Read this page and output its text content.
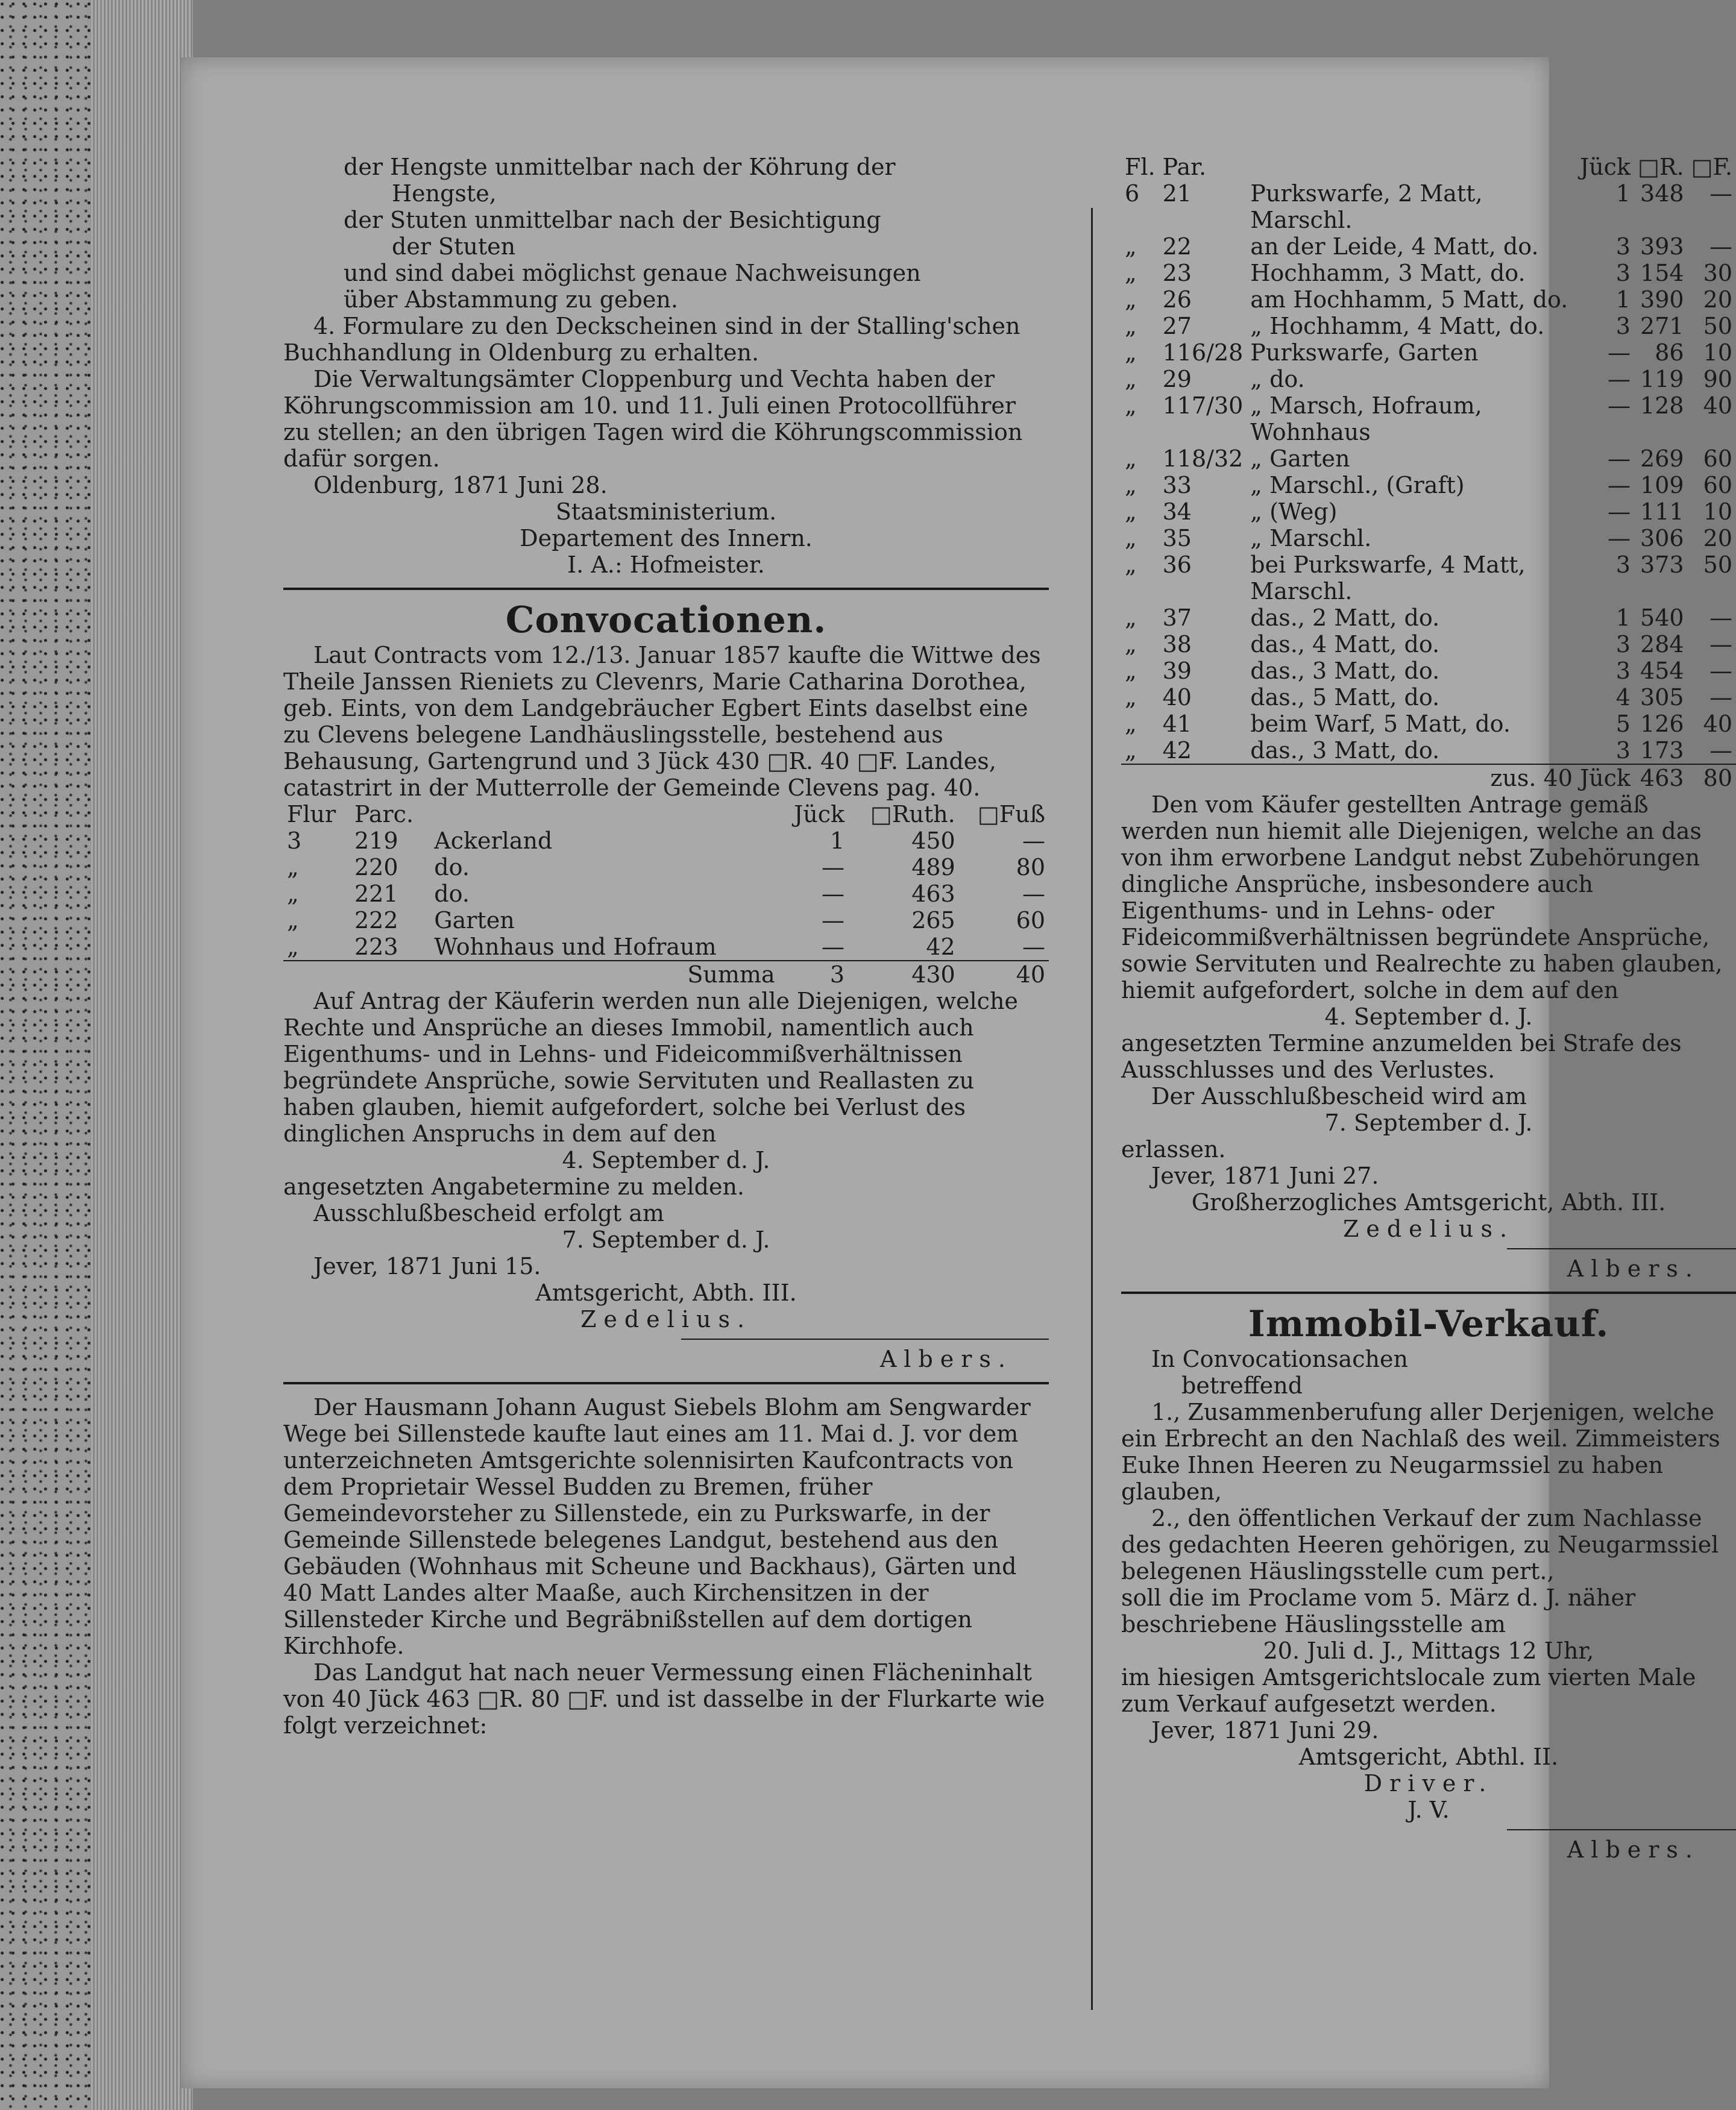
der Hengste unmittelbar nach der Köhrung der

Hengste,

der Stuten unmittelbar nach der Besichtigung

der Stuten

und sind dabei möglichst genaue Nachweisungen

über Abstammung zu geben.

4. Formulare zu den Deckscheinen sind in der Stalling'schen Buchhandlung in Oldenburg zu erhalten.

Die Verwaltungsämter Cloppenburg und Vechta haben der Köhrungscommission am 10. und 11. Juli einen Protocollführer zu stellen; an den übrigen Tagen wird die Köhrungscommission dafür sorgen.

Oldenburg, 1871 Juni 28.

Staatsministerium.

Departement des Innern.

I. A.: Hofmeister.

Convocationen.

Laut Contracts vom 12./13. Januar 1857 kaufte die Wittwe des Theile Janssen Rieniets zu Clevenrs, Marie Catharina Dorothea, geb. Eints, von dem Landgebräucher Egbert Eints daselbst eine zu Clevens belegene Landhäuslingsstelle, bestehend aus Behausung, Gartengrund und 3 Jück 430 □R. 40 □F. Landes, catastrirt in der Mutterrolle der Gemeinde Clevens pag. 40.

Flur	Parc.		Jück	□Ruth.	□Fuß
3	219	Ackerland	1	450	—
„	220	do.	—	489	80
„	221	do.	—	463	—
„	222	Garten	—	265	60
„	223	Wohnhaus und Hofraum	—	42	—
		Summa	3	430	40

Auf Antrag der Käuferin werden nun alle Diejenigen, welche Rechte und Ansprüche an dieses Immobil, namentlich auch Eigenthums- und in Lehns- und Fideicommißverhältnissen begründete Ansprüche, sowie Servituten und Reallasten zu haben glauben, hiemit aufgefordert, solche bei Verlust des dinglichen Anspruchs in dem auf den

4. September d. J.

angesetzten Angabetermine zu melden.

Ausschlußbescheid erfolgt am

7. September d. J.

Jever, 1871 Juni 15.

Amtsgericht, Abth. III.

Zedelius.

Albers.

Der Hausmann Johann August Siebels Blohm am Sengwarder Wege bei Sillenstede kaufte laut eines am 11. Mai d. J. vor dem unterzeichneten Amtsgerichte solennisirten Kaufcontracts von dem Proprietair Wessel Budden zu Bremen, früher Gemeindevorsteher zu Sillenstede, ein zu Purkswarfe, in der Gemeinde Sillenstede belegenes Landgut, bestehend aus den Gebäuden (Wohnhaus mit Scheune und Backhaus), Gärten und 40 Matt Landes alter Maaße, auch Kirchensitzen in der Sillensteder Kirche und Begräbnißstellen auf dem dortigen Kirchhofe.

Das Landgut hat nach neuer Vermessung einen Flächeninhalt von 40 Jück 463 □R. 80 □F. und ist dasselbe in der Flurkarte wie folgt verzeichnet:

Fl.	Par.		Jück	□R.	□F.
6	21	Purkswarfe, 2 Matt, Marschl.	1	348	—
„	22	an der Leide, 4 Matt, do.	3	393	—
„	23	Hochhamm, 3 Matt, do.	3	154	30
„	26	am Hochhamm, 5 Matt, do.	1	390	20
„	27	„ Hochhamm, 4 Matt, do.	3	271	50
„	116/28	Purkswarfe, Garten	—	86	10
„	29	„ do.	—	119	90
„	117/30	„ Marsch, Hofraum, Wohnhaus	—	128	40
„	118/32	„ Garten	—	269	60
„	33	„ Marschl., (Graft)	—	109	60
„	34	„ (Weg)	—	111	10
„	35	„ Marschl.	—	306	20
„	36	bei Purkswarfe, 4 Matt, Marschl.	3	373	50
„	37	das., 2 Matt, do.	1	540	—
„	38	das., 4 Matt, do.	3	284	—
„	39	das., 3 Matt, do.	3	454	—
„	40	das., 5 Matt, do.	4	305	—
„	41	beim Warf, 5 Matt, do.	5	126	40
„	42	das., 3 Matt, do.	3	173	—
		zus. 40 Jück		463	80

Den vom Käufer gestellten Antrage gemäß werden nun hiemit alle Diejenigen, welche an das von ihm erworbene Landgut nebst Zubehörungen dingliche Ansprüche, insbesondere auch Eigenthums- und in Lehns- oder Fideicommißverhältnissen begründete Ansprüche, sowie Servituten und Realrechte zu haben glauben, hiemit aufgefordert, solche in dem auf den

4. September d. J.

angesetzten Termine anzumelden bei Strafe des Ausschlusses und des Verlustes.

Der Ausschlußbescheid wird am

7. September d. J.

erlassen.

Jever, 1871 Juni 27.

Großherzogliches Amtsgericht, Abth. III.

Zedelius.

Albers.

Immobil-Verkauf.

In Convocationsachen

betreffend

1., Zusammenberufung aller Derjenigen, welche ein Erbrecht an den Nachlaß des weil. Zimmeisters Euke Ihnen Heeren zu Neugarmssiel zu haben glauben,

2., den öffentlichen Verkauf der zum Nachlasse des gedachten Heeren gehörigen, zu Neugarmssiel belegenen Häuslingsstelle cum pert.,

soll die im Proclame vom 5. März d. J. näher beschriebene Häuslingsstelle am

20. Juli d. J., Mittags 12 Uhr,

im hiesigen Amtsgerichtslocale zum vierten Male zum Verkauf aufgesetzt werden.

Jever, 1871 Juni 29.

Amtsgericht, Abthl. II.

Driver.

J. V.

Albers.
